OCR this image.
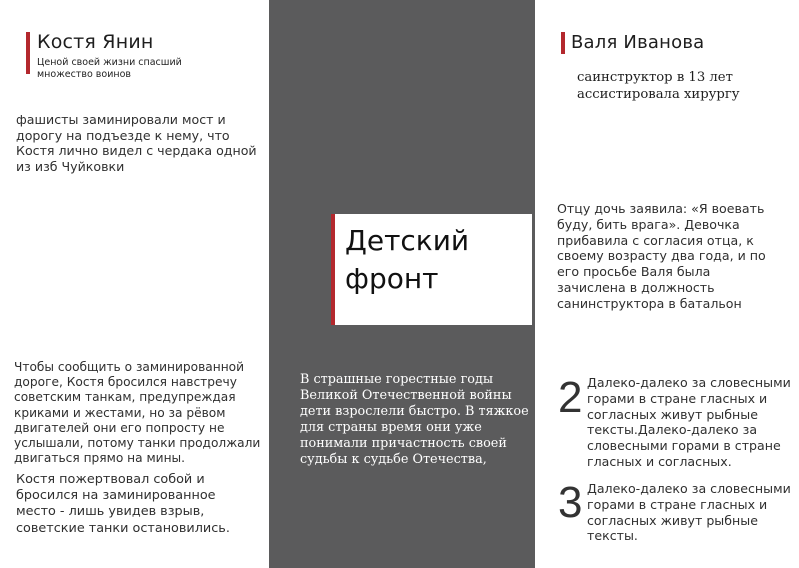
Костя Янин
Ценой своей жизни спасший
множество воинов
фашисты заминировали мост и
дорогу на подъезде к нему, что
Костя лично видел с чердака одной
из изб Чуйковки
Чтобы сообщить о заминированной
дороге, Костя бросился навстречу
советским танкам, предупреждая
криками и жестами, но за рёвом
двигателей они его попросту не
услышали, потому танки продолжали
двигаться прямо на мины.
Костя пожертвовал собой и
бросился на заминированное
место - лишь увидев взрыв,
советские танки остановились.
Детский
фронт
В страшные горестные годы
Великой Отечественной войны
дети взрослели быстро. В тяжкое
для страны время они уже
понимали причастность своей
судьбы к судьбе Отечества,
Валя Иванова
саинструктор в 13 лет
ассистировала хирургу
Отцу дочь заявила: «Я воевать
буду, бить врага». Девочка
прибавила с согласия отца, к
своему возрасту два года, и по
его просьбе Валя была
зачислена в должность
санинструктора в батальон
2 Далеко-далеко за словесными
горами в стране гласных и
согласных живут рыбные
тексты.Далеко-далеко за
словесными горами в стране
гласных и согласных.
3 Далеко-далеко за словесными
горами в стране гласных и
согласных живут рыбные
тексты.
